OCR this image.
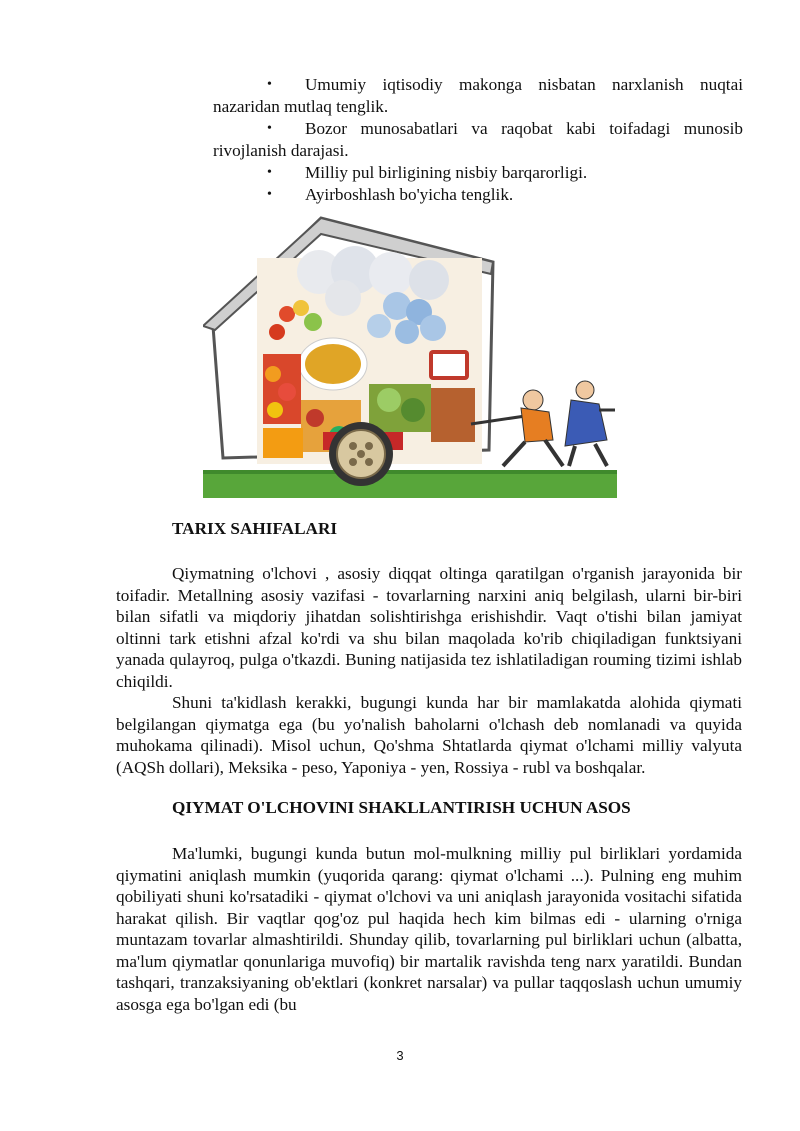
• Umumiy iqtisodiy makonga nisbatan narxlanish nuqtai nazaridan mutlaq tenglik.

• Bozor munosabatlari va raqobat kabi toifadagi munosib rivojlanish darajasi.

• Milliy pul birligining nisbiy barqarorligi.

• Ayirboshlash bo'yicha tenglik.

TARIX SAHIFALARI

Qiymatning o'lchovi , asosiy diqqat oltinga qaratilgan o'rganish jarayonida bir toifadir. Metallning asosiy vazifasi - tovarlarning narxini aniq belgilash, ularni bir-biri bilan sifatli va miqdoriy jihatdan solishtirishga erishishdir. Vaqt o'tishi bilan jamiyat oltinni tark etishni afzal ko'rdi va shu bilan maqolada ko'rib chiqiladigan funktsiyani yanada qulayroq, pulga o'tkazdi. Buning natijasida tez ishlatiladigan rouming tizimi ishlab chiqildi.

Shuni ta'kidlash kerakki, bugungi kunda har bir mamlakatda alohida qiymati belgilangan qiymatga ega (bu yo'nalish baholarni o'lchash deb nomlanadi va quyida muhokama qilinadi). Misol uchun, Qo'shma Shtatlarda qiymat o'lchami milliy valyuta (AQSh dollari), Meksika - peso, Yaponiya - yen, Rossiya - rubl va boshqalar.

QIYMAT O'LCHOVINI SHAKLLANTIRISH UCHUN ASOS

Ma'lumki, bugungi kunda butun mol-mulkning milliy pul birliklari yordamida qiymatini aniqlash mumkin (yuqorida qarang: qiymat o'lchami ...). Pulning eng muhim qobiliyati shuni ko'rsatadiki - qiymat o'lchovi va uni aniqlash jarayonida vositachi sifatida harakat qilish. Bir vaqtlar qog'oz pul haqida hech kim bilmas edi - ularning o'rniga muntazam tovarlar almashtirildi. Shunday qilib, tovarlarning pul birliklari uchun (albatta, ma'lum qiymatlar qonunlariga muvofiq) bir martalik ravishda teng narx yaratildi. Bundan tashqari, tranzaksiyaning ob'ektlari (konkret narsalar) va pullar taqqoslash uchun umumiy asosga ega bo'lgan edi (bu

3
